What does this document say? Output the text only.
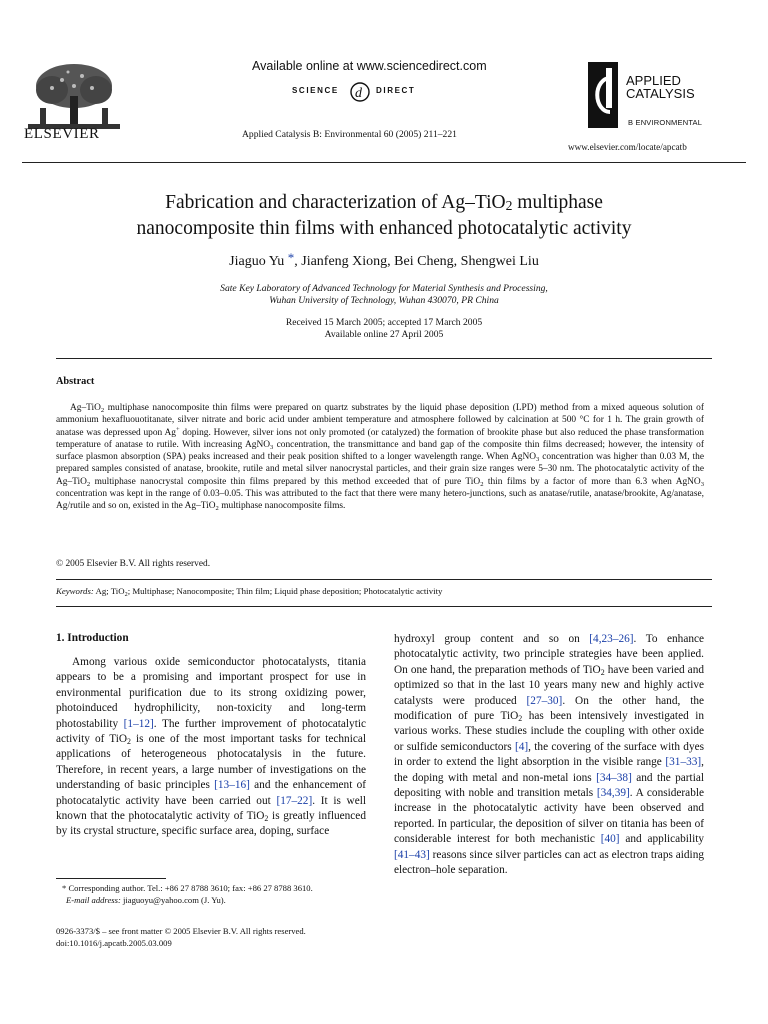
ELSEVIER
Available online at www.sciencedirect.com
SCIENCE d DIRECT
Applied Catalysis B: Environmental 60 (2005) 211–221
APPLIED
CATALYSIS
B ENVIRONMENTAL
www.elsevier.com/locate/apcatb
Fabrication and characterization of Ag–TiO$_2$ multiphase
nanocomposite thin films with enhanced photocatalytic activity
Jiaguo Yu *, Jianfeng Xiong, Bei Cheng, Shengwei Liu
Sate Key Laboratory of Advanced Technology for Material Synthesis and Processing,
Wuhan University of Technology, Wuhan 430070, PR China
Received 15 March 2005; accepted 17 March 2005
Available online 27 April 2005
Abstract

Ag–TiO$_2$ multiphase nanocomposite thin films were prepared on quartz substrates by the liquid phase deposition (LPD) method from a mixed aqueous solution of ammonium hexafluouotitanate, silver nitrate and boric acid under ambient temperature and atmosphere followed by calcination at 500 °C for 1 h. The grain growth of anatase was depressed upon Ag+ doping. However, silver ions not only promoted (or catalyzed) the formation of brookite phase but also reduced the phase transformation temperature of anatase to rutile. With increasing AgNO$_3$ concentration, the transmittance and band gap of the composite thin films decreased; however, the intensity of surface plasmon absorption (SPA) peaks increased and their peak position shifted to a longer wavelength range. When AgNO$_3$ concentration was higher than 0.03 M, the prepared samples consisted of anatase, brookite, rutile and metal silver nanocrystal particles, and their grain size ranges were 5–30 nm. The photocatalytic activity of the Ag–TiO$_2$ multiphase nanocrystal composite thin films prepared by this method exceeded that of pure TiO$_2$ thin films by a factor of more than 6.3 when AgNO$_3$ concentration was kept in the range of 0.03–0.05. This was attributed to the fact that there were many hetero-junctions, such as anatase/rutile, anatase/brookite, Ag/anatase, Ag/rutile and so on, existed in the Ag–TiO$_2$ multiphase nanocomposite films.

© 2005 Elsevier B.V. All rights reserved.
Keywords: Ag; TiO$_2$; Multiphase; Nanocomposite; Thin film; Liquid phase deposition; Photocatalytic activity
1. Introduction

Among various oxide semiconductor photocatalysts, titania appears to be a promising and important prospect for use in environmental purification due to its strong oxidizing power, photoinduced hydrophilicity, non-toxicity and long-term photostability [1–12]. The further improvement of photocatalytic activity of TiO$_2$ is one of the most important tasks for technical applications of heterogeneous photocatalysis in the future. Therefore, in recent years, a large number of investigations on the understanding of basic principles [13–16] and the enhancement of photocatalytic activity have been carried out [17–22]. It is well known that the photocatalytic activity of TiO$_2$ is greatly influenced by its crystal structure, specific surface area, doping, surface

hydroxyl group content and so on [4,23–26]. To enhance photocatalytic activity, two principle strategies have been applied. On one hand, the preparation methods of TiO$_2$ have been varied and optimized so that in the last 10 years many new and highly active catalysts were produced [27–30]. On the other hand, the modification of pure TiO$_2$ has been intensively investigated in various works. These studies include the coupling with other oxide or sulfide semiconductors [4], the covering of the surface with dyes in order to extend the light absorption in the visible range [31–33], the doping with metal and non-metal ions [34–38] and the partial depositing with noble and transition metals [34,39]. A considerable increase in the photocatalytic activity have been observed and reported. In particular, the deposition of silver on titania has been of considerable interest for both mechanistic [40] and applicability [41–43] reasons since silver particles can act as electron traps aiding electron–hole separation.

* Corresponding author. Tel.: +86 27 8788 3610; fax: +86 27 8788 3610.
E-mail address: jiaguoyu@yahoo.com (J. Yu).
0926-3373/$ – see front matter © 2005 Elsevier B.V. All rights reserved.
doi:10.1016/j.apcatb.2005.03.009
